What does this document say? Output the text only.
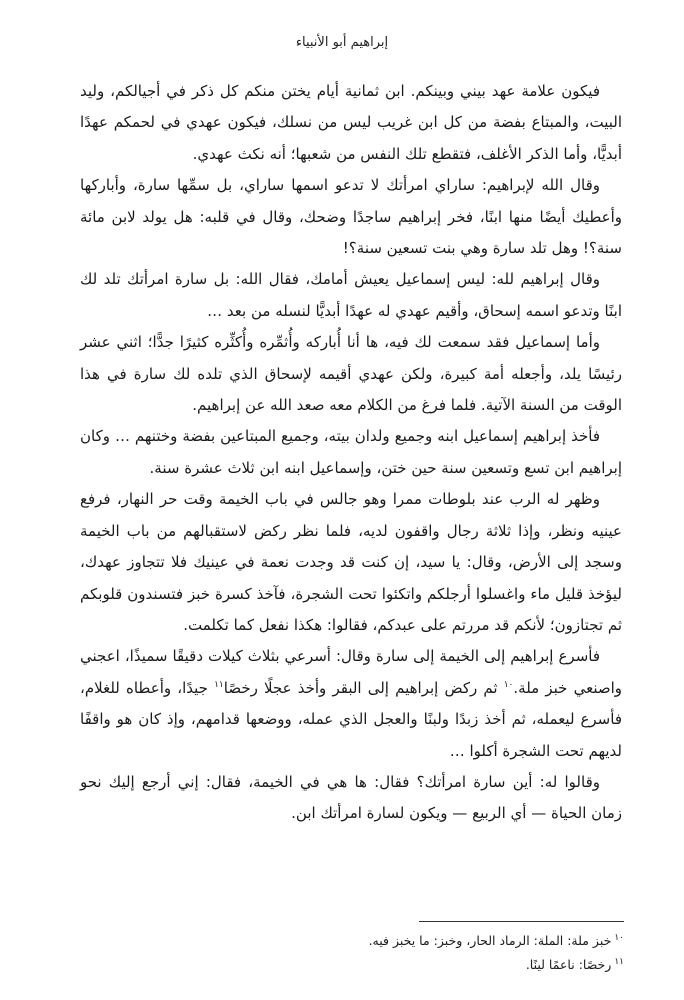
إبراهيم أبو الأنبياء

فيكون علامة عهد بيني وبينكم. ابن ثمانية أيام يختن منكم كل ذكر في أجيالكم، وليد البيت، والمبتاع بفضة من كل ابن غريب ليس من نسلك، فيكون عهدي في لحمكم عهدًا أبديًّا، وأما الذكر الأغلف، فتقطع تلك النفس من شعبها؛ أنه نكث عهدي.

وقال الله لإبراهيم: ساراي امرأتك لا تدعو اسمها ساراي، بل سمِّها سارة، وأباركها وأعطيك أيضًا منها ابنًا، فخر إبراهيم ساجدًا وضحك، وقال في قلبه: هل يولد لابن مائة سنة؟! وهل تلد سارة وهي بنت تسعين سنة؟!

وقال إبراهيم لله: ليس إسماعيل يعيش أمامك، فقال الله: بل سارة امرأتك تلد لك ابنًا وتدعو اسمه إسحاق، وأقيم عهدي له عهدًا أبديًّا لنسله من بعد …

وأما إسماعيل فقد سمعت لك فيه، ها أنا أُباركه وأُثمِّره وأُكثِّره كثيرًا جدًّا؛ اثني عشر رئيسًا يلد، وأجعله أمة كبيرة، ولكن عهدي أقيمه لإسحاق الذي تلده لك سارة في هذا الوقت من السنة الآتية. فلما فرغ من الكلام معه صعد الله عن إبراهيم.

فأخذ إبراهيم إسماعيل ابنه وجميع ولدان بيته، وجميع المبتاعين بفضة وختنهم … وكان إبراهيم ابن تسع وتسعين سنة حين ختن، وإسماعيل ابنه ابن ثلاث عشرة سنة.

وظهر له الرب عند بلوطات ممرا وهو جالس في باب الخيمة وقت حر النهار، فرفع عينيه ونظر، وإذا ثلاثة رجال واقفون لديه، فلما نظر ركض لاستقبالهم من باب الخيمة وسجد إلى الأرض، وقال: يا سيد، إن كنت قد وجدت نعمة في عينيك فلا تتجاوز عهدك، ليؤخذ قليل ماء واغسلوا أرجلكم واتكئوا تحت الشجرة، فآخذ كسرة خبز فتسندون قلوبكم ثم تجتازون؛ لأنكم قد مررتم على عبدكم، فقالوا: هكذا نفعل كما تكلمت.

فأسرع إبراهيم إلى الخيمة إلى سارة وقال: أسرعي بثلاث كيلات دقيقًا سميذًا، اعجني واصنعي خبز ملة.$^{١٠}$ ثم ركض إبراهيم إلى البقر وأخذ عجلًا رخصًا$^{١١}$ جيدًا، وأعطاه للغلام، فأسرع ليعمله، ثم أخذ زبدًا ولبنًا والعجل الذي عمله، ووضعها قدامهم، وإذ كان هو واقفًا لديهم تحت الشجرة أكلوا …

وقالوا له: أين سارة امرأتك؟ فقال: ها هي في الخيمة، فقال: إني أرجع إليك نحو زمان الحياة — أي الربيع — ويكون لسارة امرأتك ابن.

$^{١٠}$خبز ملة: الملة: الرماد الحار، وخبز: ما يخبز فيه.

$^{١١}$رخصًا: ناعمًا لينًا.
